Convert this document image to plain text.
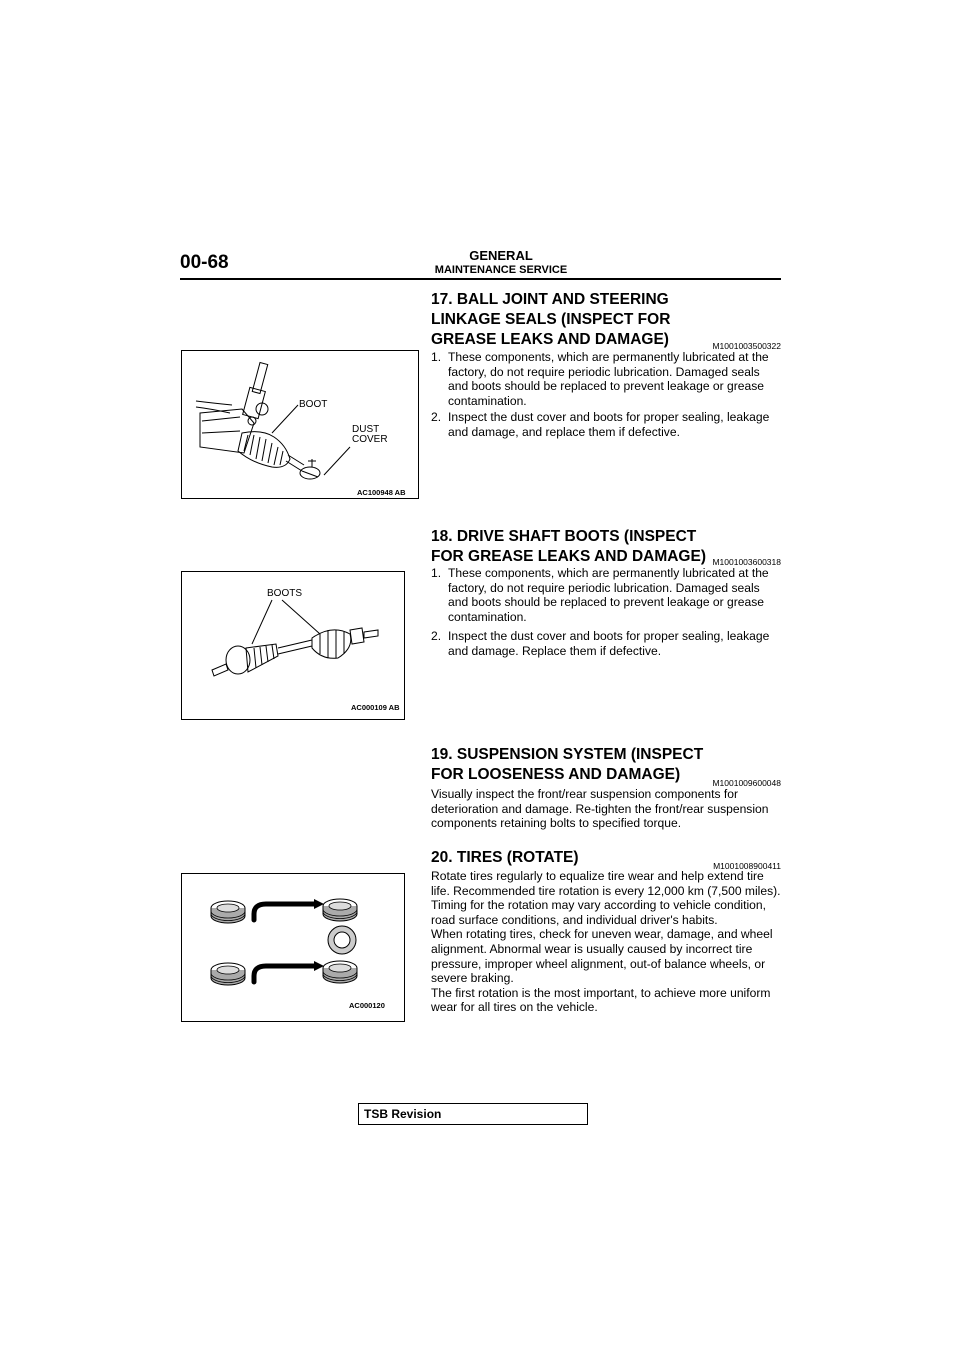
00-68	GENERAL
MAINTENANCE SERVICE
17. BALL JOINT AND STEERING LINKAGE SEALS (INSPECT FOR GREASE LEAKS AND DAMAGE)	M1001003500322
1. These components, which are permanently lubricated at the factory, do not require periodic lubrication. Damaged seals and boots should be replaced to prevent leakage or grease contamination.
2. Inspect the dust cover and boots for proper sealing, leakage and damage, and replace them if defective.
BOOT
DUST
COVER
AC100948 AB
18. DRIVE SHAFT BOOTS (INSPECT FOR GREASE LEAKS AND DAMAGE) M1001003600318
1. These components, which are permanently lubricated at the factory, do not require periodic lubrication. Damaged seals and boots should be replaced to prevent leakage or grease contamination.
2. Inspect the dust cover and boots for proper sealing, leakage and damage. Replace them if defective.
BOOTS
AC000109 AB
19. SUSPENSION SYSTEM (INSPECT FOR LOOSENESS AND DAMAGE)	M1001009600048

Visually inspect the front/rear suspension components for deterioration and damage. Re-tighten the front/rear suspension components retaining bolts to specified torque.

20. TIRES (ROTATE)	M1001008900411

Rotate tires regularly to equalize tire wear and help extend tire life. Recommended tire rotation is every 12,000 km (7,500 miles).

Timing for the rotation may vary according to vehicle condition, road surface conditions, and individual driver's habits.

When rotating tires, check for uneven wear, damage, and wheel alignment. Abnormal wear is usually caused by incorrect tire pressure, improper wheel alignment, out-of balance wheels, or severe braking.

The first rotation is the most important, to achieve more uniform wear for all tires on the vehicle.

AC000120
TSB Revision
